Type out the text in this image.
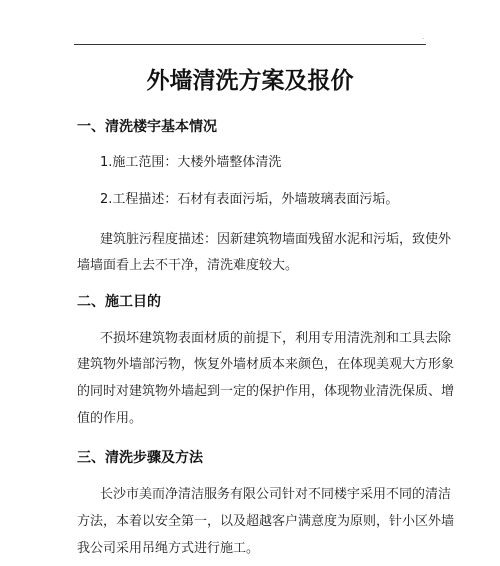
.
外墙清洗方案及报价
一、清洗楼宇基本情况
1.施工范围：大楼外墙整体清洗
2.工程描述：石材有表面污垢，外墙玻璃表面污垢。
建筑脏污程度描述：因新建筑物墙面残留水泥和污垢，致使外
墙墙面看上去不干净，清洗难度较大。
二、施工目的
不损坏建筑物表面材质的前提下，利用专用清洗剂和工具去除
建筑物外墙部污物，恢复外墙材质本来颜色，在体现美观大方形象
的同时对建筑物外墙起到一定的保护作用，体现物业清洗保质、增
值的作用。
三、清洗步骤及方法
长沙市美而净清洁服务有限公司针对不同楼宇采用不同的清洁
方法，本着以安全第一，以及超越客户满意度为原则，针小区外墙
我公司采用吊绳方式进行施工。
